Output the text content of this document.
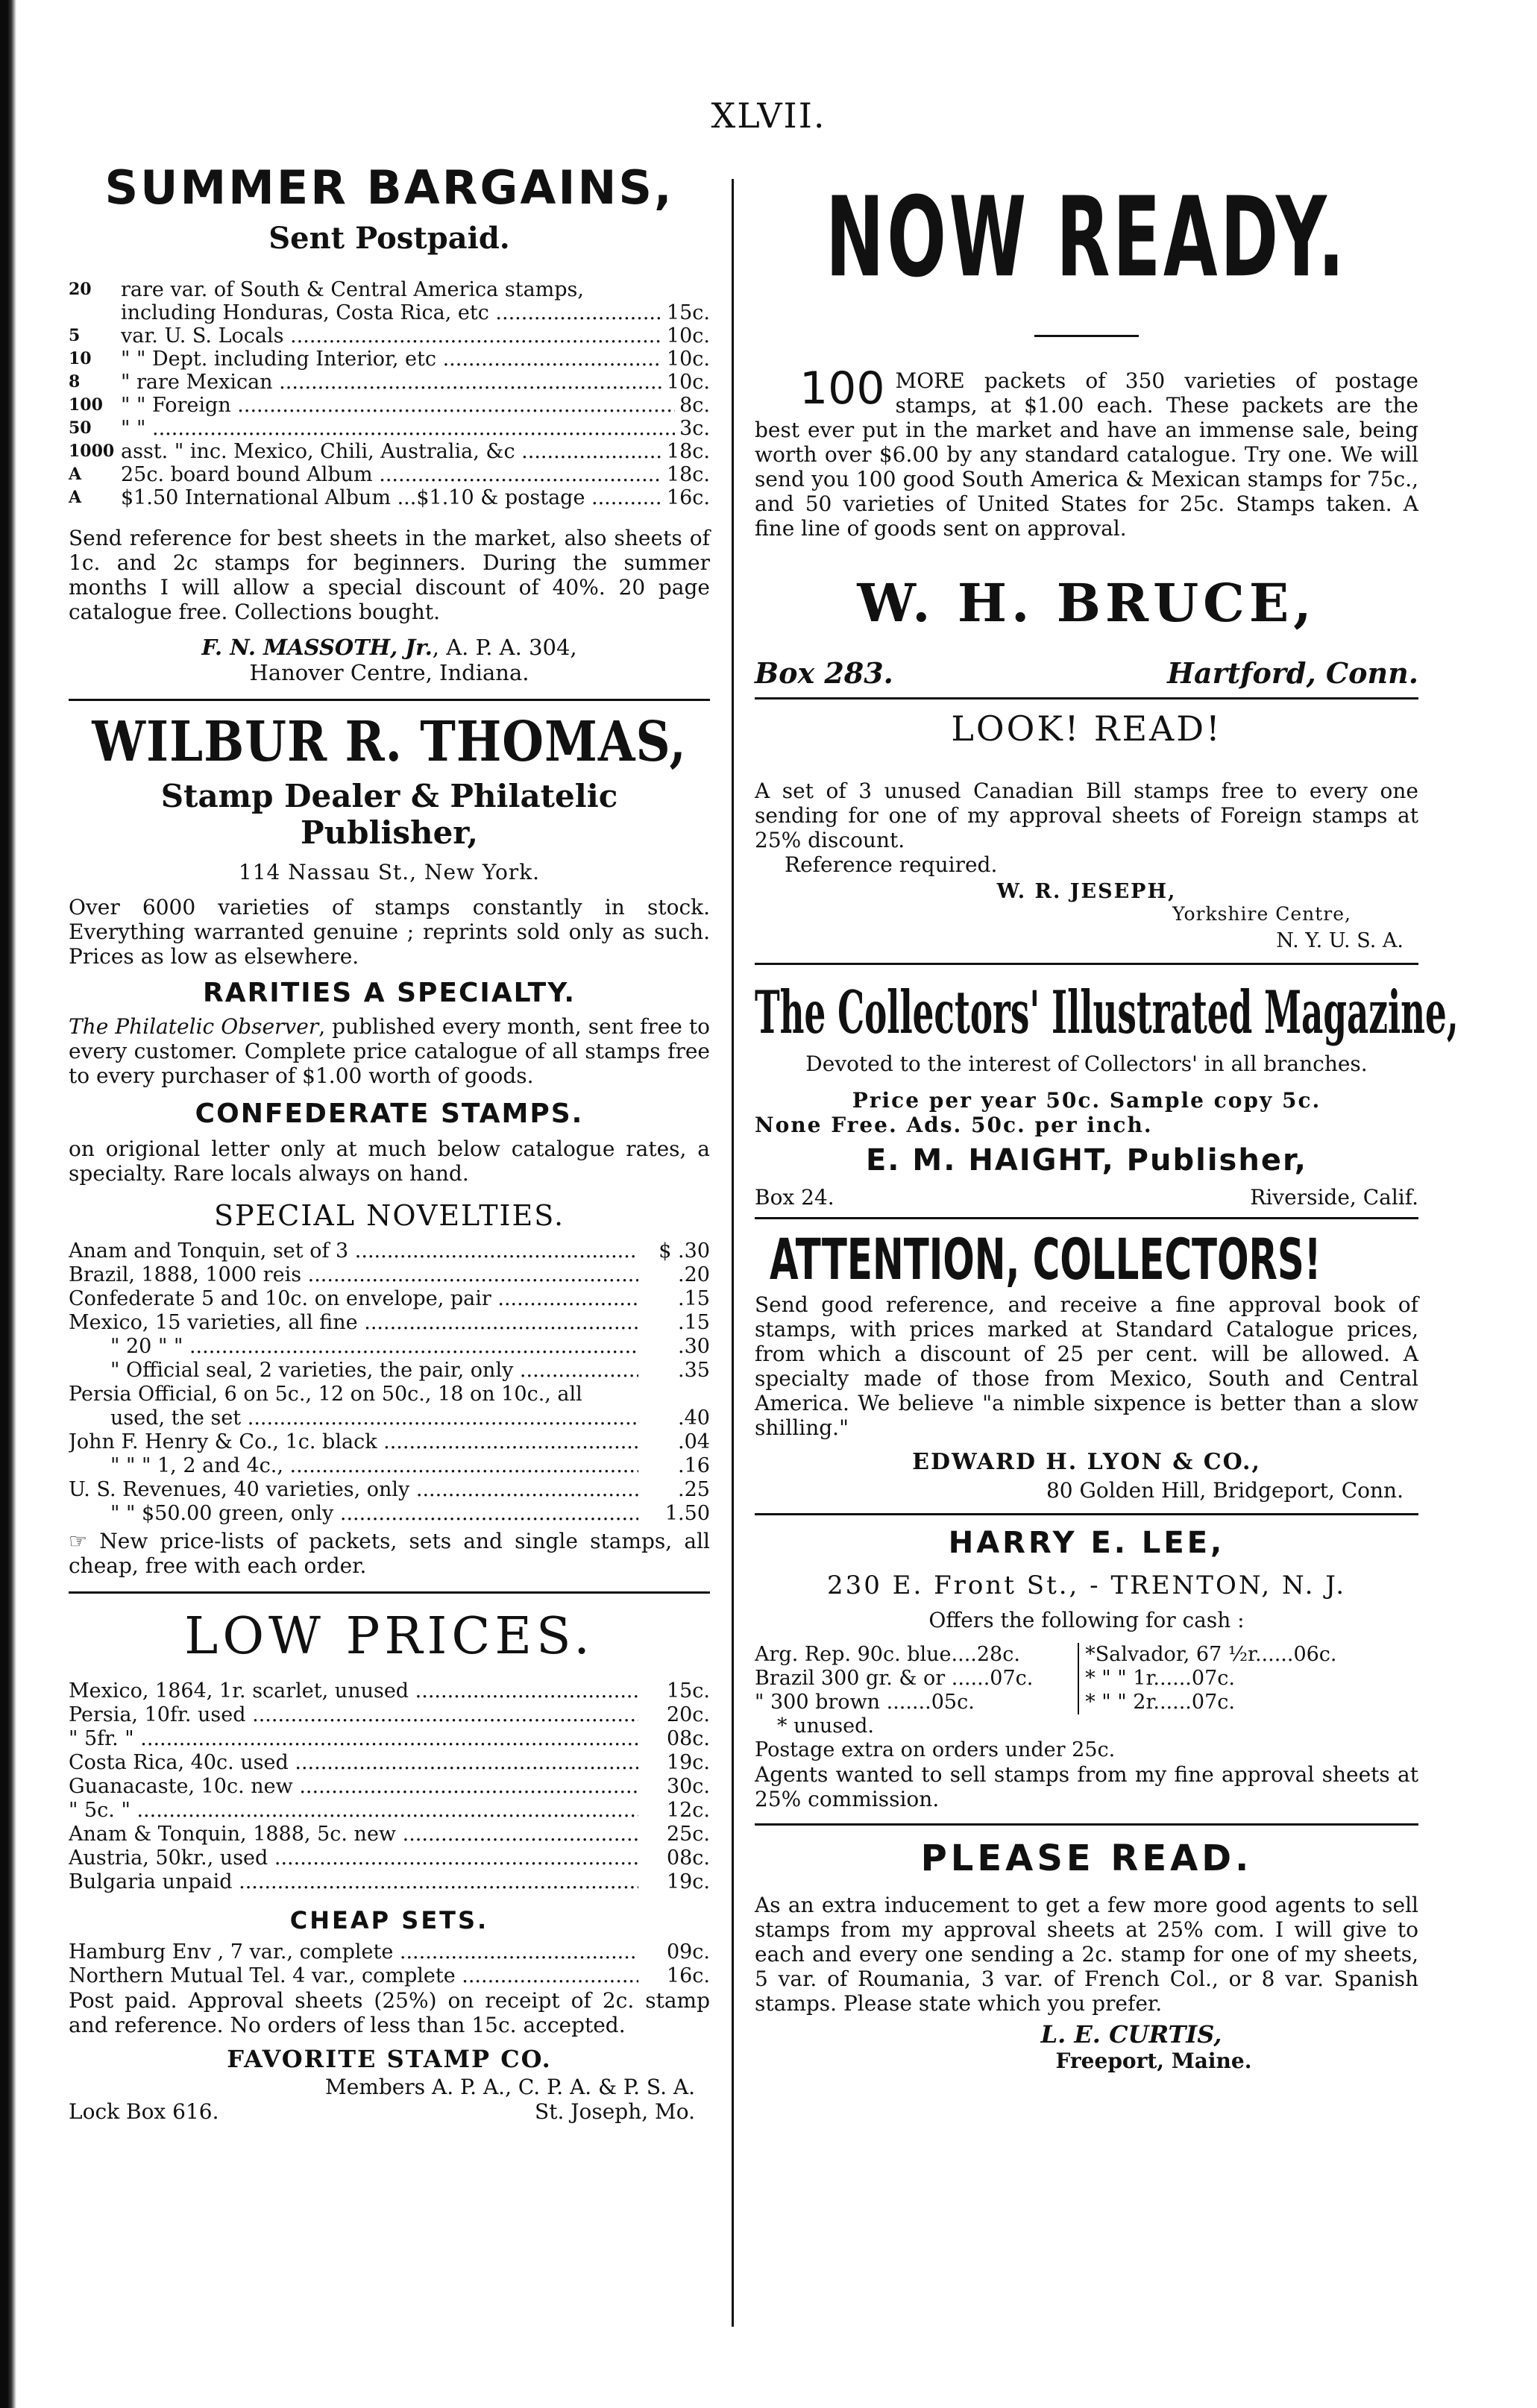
XLVII.

SUMMER BARGAINS,

Sent Postpaid.

20	rare var. of South & Central America stamps,
including Honduras, Costa Rica, etc .....	15c.
5	var. U. S. Locals .....	10c.
10	" " Dept. including Interior, etc .....	10c.
8	" rare Mexican .....	10c.
100 " " Foreign .....	8c.
50	" " .....	3c.
1000 asst. " inc. Mexico, Chili, Australia, &c .....	18c.
A	25c. board bound Album .....	18c.
A	$1.50 International Album ...$1.10 & postage .....	16c.

Send reference for best sheets in the market, also sheets of 1c. and 2c stamps for beginners. During the summer months I will allow a special discount of 40%. 20 page catalogue free. Collections bought.

F. N. MASSOTH, Jr., A. P. A. 304,

Hanover Centre, Indiana.

WILBUR R. THOMAS,

Stamp Dealer & Philatelic Publisher,

114 Nassau St., New York.

Over 6000 varieties of stamps constantly in stock. Everything warranted genuine ; reprints sold only as such. Prices as low as elsewhere.

RARITIES A SPECIALTY.

The Philatelic Observer, published every month, sent free to every customer. Complete price catalogue of all stamps free to every purchaser of $1.00 worth of goods.

CONFEDERATE STAMPS.

on origional letter only at much below catalogue rates, a specialty. Rare locals always on hand.

SPECIAL NOVELTIES.

Anam and Tonquin, set of 3 .....	$ .30
Brazil, 1888, 1000 reis .....	.20
Confederate 5 and 10c. on envelope, pair .....	.15
Mexico, 15 varieties, all fine .....	.15
" 20 " " .....	.30
" Official seal, 2 varieties, the pair, only .....	.35
Persia Official, 6 on 5c., 12 on 50c., 18 on 10c., all
used, the set .....	.40
John F. Henry & Co., 1c. black .....	.04
" " " 1, 2 and 4c., .....	.16
U. S. Revenues, 40 varieties, only .....	.25
" " $50.00 green, only .....	1.50

☞ New price-lists of packets, sets and single stamps, all cheap, free with each order.

LOW PRICES.

Mexico, 1864, 1r. scarlet, unused .....	15c.
Persia, 10fr. used .....	20c.
" 5fr. " .....	08c.
Costa Rica, 40c. used .....	19c.
Guanacaste, 10c. new .....	30c.
" 5c. " .....	12c.
Anam & Tonquin, 1888, 5c. new .....	25c.
Austria, 50kr., used .....	08c.
Bulgaria unpaid .....	19c.

CHEAP SETS.

Hamburg Env , 7 var., complete .....	09c.
Northern Mutual Tel. 4 var., complete .....	16c.

Post paid. Approval sheets (25%) on receipt of 2c. stamp and reference. No orders of less than 15c. accepted.

FAVORITE STAMP CO.

Members A. P. A., C. P. A. & P. S. A.

Lock Box 616.	St. Joseph, Mo.
NOW READY.

100 MORE packets of 350 varieties of postage stamps, at $1.00 each. These packets are the best ever put in the market and have an immense sale, being worth over $6.00 by any standard catalogue. Try one. We will send you 100 good South America & Mexican stamps for 75c., and 50 varieties of United States for 25c. Stamps taken. A fine line of goods sent on approval.

W. H. BRUCE,

Box 283.	Hartford, Conn.

LOOK! READ!

A set of 3 unused Canadian Bill stamps free to every one sending for one of my approval sheets of Foreign stamps at 25% discount.

Reference required.

W. R. JESEPH,

Yorkshire Centre,

N. Y. U. S. A.

The Collectors' Illustrated Magazine,

Devoted to the interest of Collectors' in all branches.

Price per year 50c. Sample copy 5c.

None Free. Ads. 50c. per inch.

E. M. HAIGHT, Publisher,

Box 24.	Riverside, Calif.
ATTENTION, COLLECTORS!

Send good reference, and receive a fine approval book of stamps, with prices marked at Standard Catalogue prices, from which a discount of 25 per cent. will be allowed. A specialty made of those from Mexico, South and Central America. We believe "a nimble sixpence is better than a slow shilling."

EDWARD H. LYON & CO.,

80 Golden Hill, Bridgeport, Conn.

HARRY E. LEE,

230 E. Front St., - TRENTON, N. J.

Offers the following for cash :

Arg. Rep. 90c. blue....28c.
Brazil 300 gr. & or ......07c.
" 300 brown .......05c.
*Salvador, 67 ½r......06c.
* " " 1r......07c.
* " " 2r......07c.

* unused.

Postage extra on orders under 25c.

Agents wanted to sell stamps from my fine approval sheets at 25% commission.

PLEASE READ.

As an extra inducement to get a few more good agents to sell stamps from my approval sheets at 25% com. I will give to each and every one sending a 2c. stamp for one of my sheets, 5 var. of Roumania, 3 var. of French Col., or 8 var. Spanish stamps. Please state which you prefer.

L. E. CURTIS,

Freeport, Maine.
